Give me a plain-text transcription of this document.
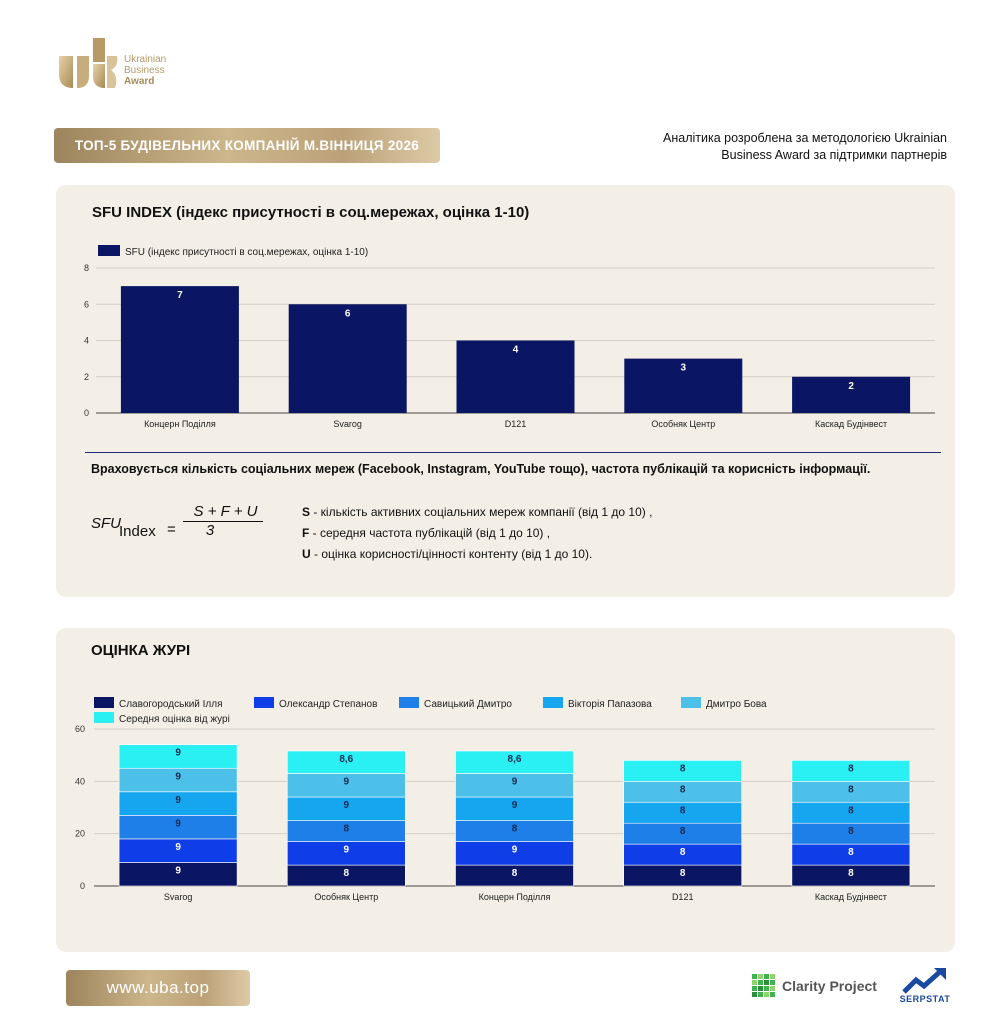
Ukrainian
Business
Award
ТОП-5 БУДІВЕЛЬНИХ КОМПАНІЙ М.ВІННИЦЯ 2026	Аналітика розроблена за методологією Ukrainian
Business Award за підтримки партнерів
SFU INDEX (індекс присутності в соц.мережах, оцінка 1-10)
SFU (індекс присутності в соц.мережах, оцінка 1-10)
0
2
4
6
8
7
Концерн Поділля
6
Svarog
4
D121
3
Особняк Центр
2
Каскад Будінвест
Враховується кількість соціальних мереж (Facebook, Instagram, YouTube тощо), частота публікацій та корисність інформації.
SFU
Index =
S + F + U
3
S - кількість активних соціальних мереж компанії (від 1 до 10) ,
F - середня частота публікацій (від 1 до 10) ,
U - оцінка корисності/цінності контенту (від 1 до 10).
ОЦІНКА ЖУРІ
Славогородський Ілля	Олександр Степанов	Савицький Дмитро	Вікторія Папазова	Дмитро Бова
Середня оцінка від журі
0
20
40
60
9
9
9
9
9
9
Svarog
8
9
8
9
9
8,6
Особняк Центр
8
9
8
9
9
8,6
Концерн Поділля
8
8
8
8
8
8
D121
8
8
8
8
8
8
Каскад Будінвест
www.uba.top	Clarity Project
SERPSTAT
